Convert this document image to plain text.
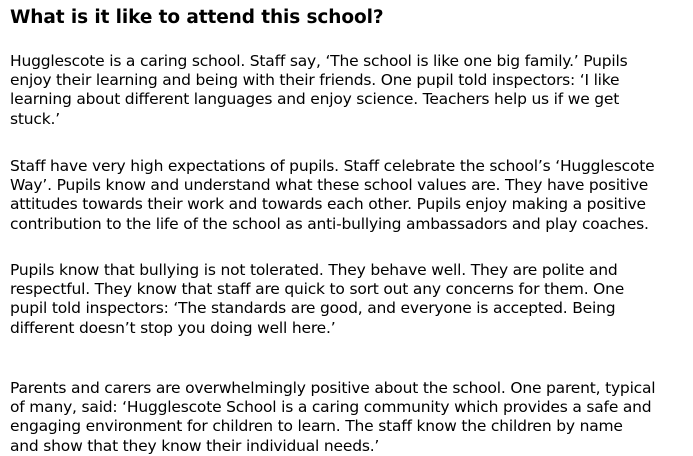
What is it like to attend this school?

Hugglescote is a caring school. Staff say, ‘The school is like one big family.’ Pupils
enjoy their learning and being with their friends. One pupil told inspectors: ‘I like
learning about different languages and enjoy science. Teachers help us if we get
stuck.’

Staff have very high expectations of pupils. Staff celebrate the school’s ‘Hugglescote
Way’. Pupils know and understand what these school values are. They have positive
attitudes towards their work and towards each other. Pupils enjoy making a positive
contribution to the life of the school as anti-bullying ambassadors and play coaches.

Pupils know that bullying is not tolerated. They behave well. They are polite and
respectful. They know that staff are quick to sort out any concerns for them. One
pupil told inspectors: ‘The standards are good, and everyone is accepted. Being
different doesn’t stop you doing well here.’

Parents and carers are overwhelmingly positive about the school. One parent, typical
of many, said: ‘Hugglescote School is a caring community which provides a safe and
engaging environment for children to learn. The staff know the children by name
and show that they know their individual needs.’
